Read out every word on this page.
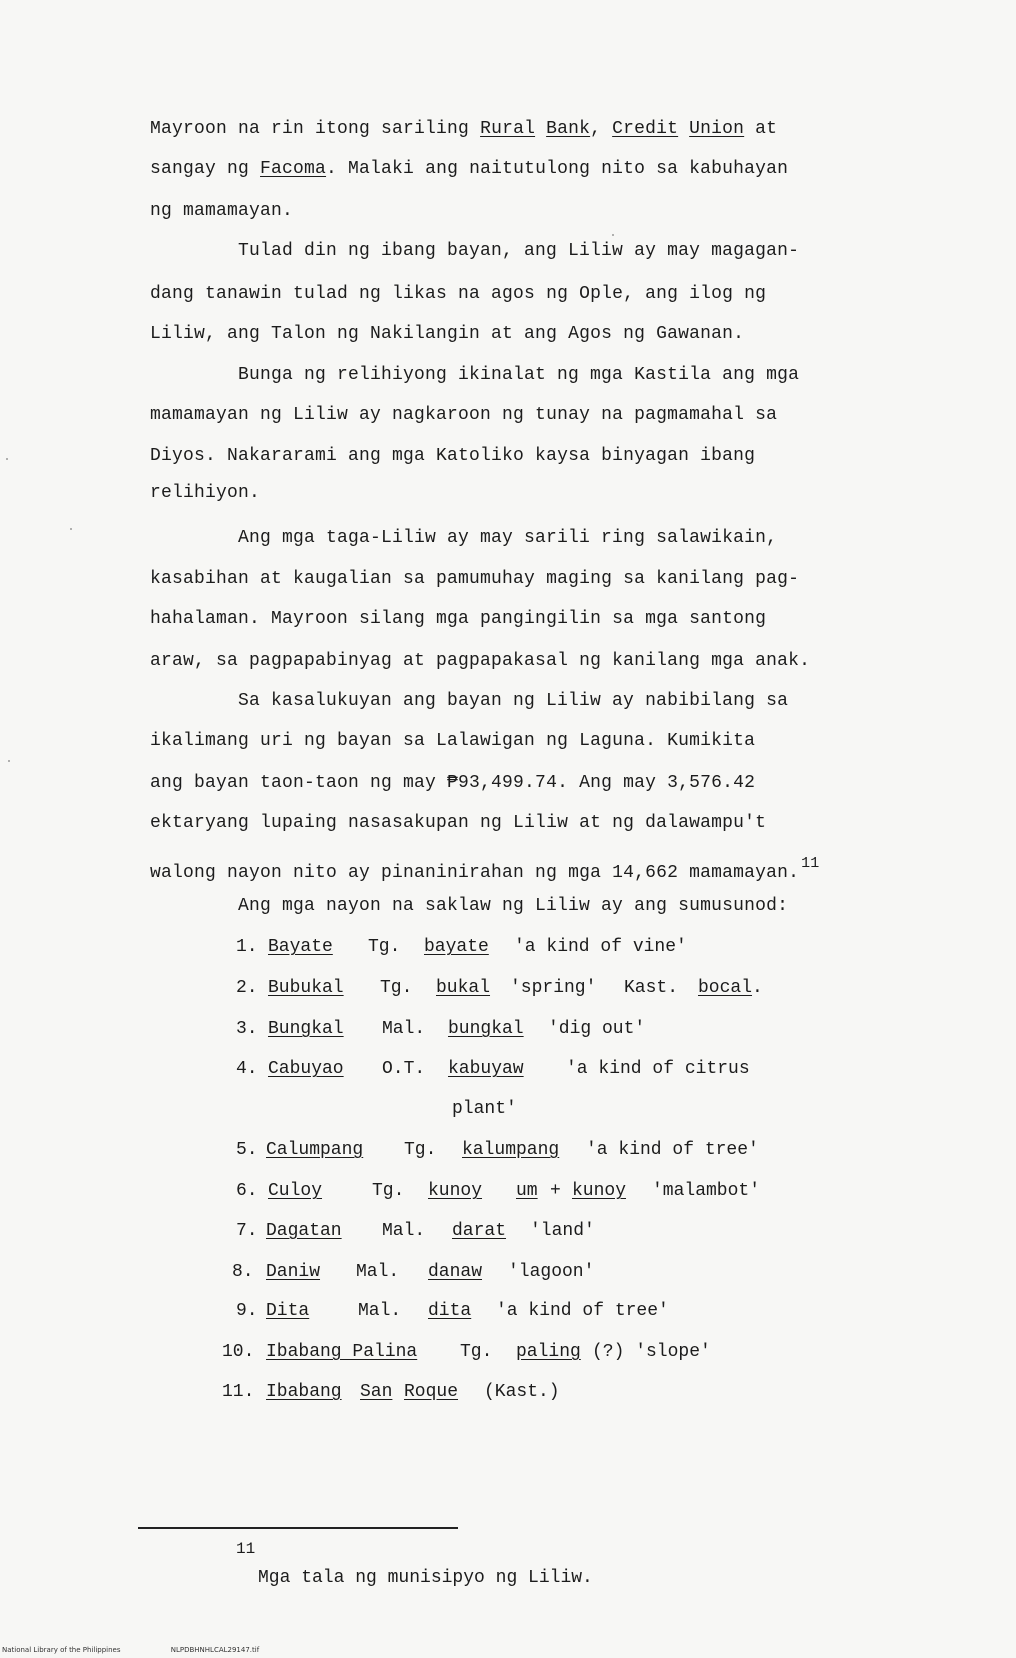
Mayroon na rin itong sariling Rural Bank, Credit Union at
sangay ng Facoma. Malaki ang naitutulong nito sa kabuhayan
ng mamamayan.
Tulad din ng ibang bayan, ang Liliw ay may magagan-
dang tanawin tulad ng likas na agos ng Ople, ang ilog ng
Liliw, ang Talon ng Nakilangin at ang Agos ng Gawanan.
Bunga ng relihiyong ikinalat ng mga Kastila ang mga
mamamayan ng Liliw ay nagkaroon ng tunay na pagmamahal sa
Diyos. Nakararami ang mga Katoliko kaysa binyagan ibang
relihiyon.
Ang mga taga-Liliw ay may sarili ring salawikain,
kasabihan at kaugalian sa pamumuhay maging sa kanilang pag-
hahalaman. Mayroon silang mga pangingilin sa mga santong
araw, sa pagpapabinyag at pagpapakasal ng kanilang mga anak.
Sa kasalukuyan ang bayan ng Liliw ay nabibilang sa
ikalimang uri ng bayan sa Lalawigan ng Laguna. Kumikita
ang bayan taon-taon ng may ₱93,499.74. Ang may 3,576.42
ektaryang lupaing nasasakupan ng Liliw at ng dalawampu't
walong nayon nito ay pinaninirahan ng mga 14,662 mamamayan. $^{11}$
Ang mga nayon na saklaw ng Liliw ay ang sumusunod:
1. Bayate Tg. bayate 'a kind of vine'
2. Bubukal Tg. bukal 'spring' Kast. bocal.
3. Bungkal Mal. bungkal 'dig out'
4. Cabuyao O.T. kabuyaw 'a kind of citrus
plant'
5. Calumpang Tg. kalumpang 'a kind of tree'
6. Culoy	Tg. kunoy um + kunoy 'malambot'
7. Dagatan Mal. darat 'land'
8. Daniw Mal. danaw 'lagoon'
9. Dita	Mal. dita 'a kind of tree'
10. Ibabang Palina Tg. paling (?) 'slope'
11. Ibabang San Roque (Kast.)
11
Mga tala ng munisipyo ng Liliw.
National Library of the Philippines	NLPDBHNHLCAL29147.tif
